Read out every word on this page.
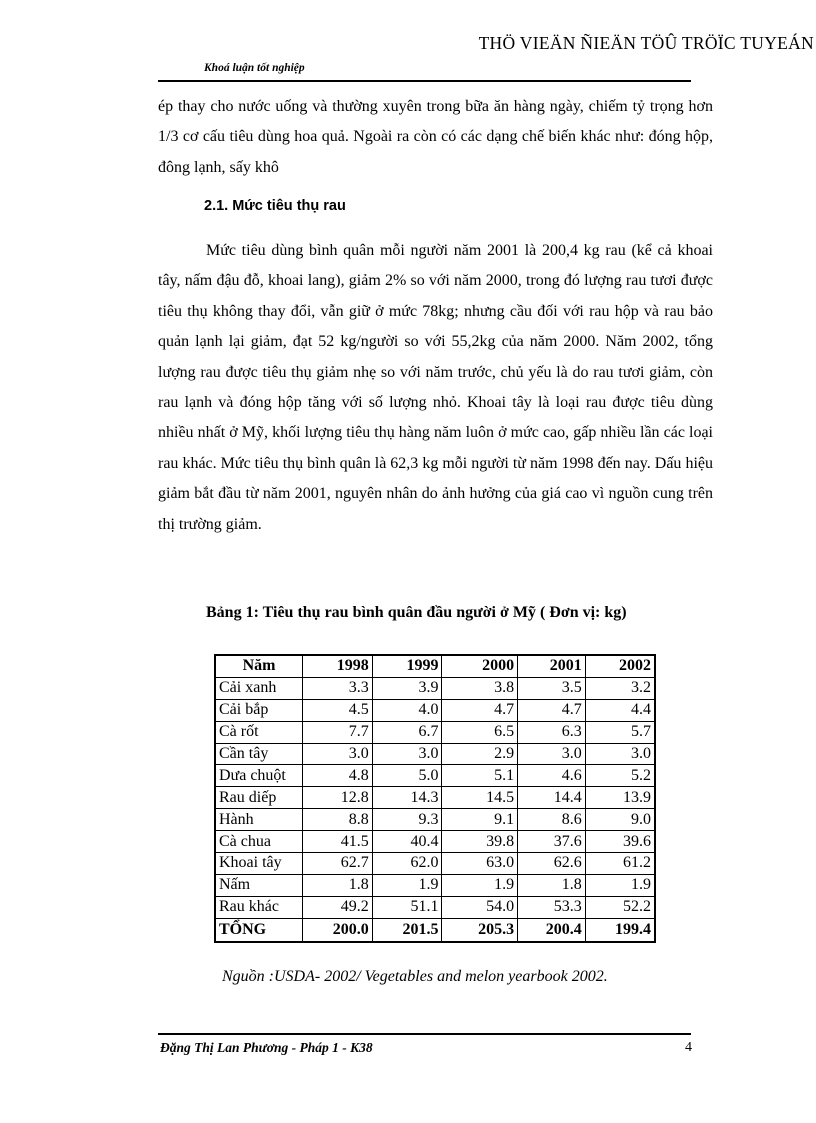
THÖ VIEÄN ÑIEÄN TÖÛ TRÖÏC TUYEÁN
Khoá luận tốt nghiệp
ép thay cho nước uống và thường xuyên trong bữa ăn hàng ngày, chiếm tỷ trọng hơn 1/3 cơ cấu tiêu dùng hoa quả. Ngoài ra còn có các dạng chế biến khác như: đóng hộp, đông lạnh, sấy khô
2.1. Mức tiêu thụ rau
Mức tiêu dùng bình quân mỗi người năm 2001 là 200,4 kg rau (kể cả khoai tây, nấm đậu đỗ, khoai lang), giảm 2% so với năm 2000, trong đó lượng rau tươi được tiêu thụ không thay đổi, vẫn giữ ở mức 78kg; nhưng cầu đối với rau hộp và rau bảo quản lạnh lại giảm, đạt 52 kg/người so với 55,2kg của năm 2000. Năm 2002, tổng lượng rau được tiêu thụ giảm nhẹ so với năm trước, chủ yếu là do rau tươi giảm, còn rau lạnh và đóng hộp tăng với số lượng nhỏ. Khoai tây là loại rau được tiêu dùng nhiều nhất ở Mỹ, khối lượng tiêu thụ hàng năm luôn ở mức cao, gấp nhiều lần các loại rau khác. Mức tiêu thụ bình quân là 62,3 kg mỗi người từ năm 1998 đến nay. Dấu hiệu giảm bắt đầu từ năm 2001, nguyên nhân do ảnh hưởng của giá cao vì nguồn cung trên thị trường giảm.
Bảng 1: Tiêu thụ rau bình quân đầu người ở Mỹ ( Đơn vị: kg)
Năm	1998	1999	2000	2001	2002
Cải xanh	3.3	3.9	3.8	3.5	3.2
Cải bắp	4.5	4.0	4.7	4.7	4.4
Cà rốt	7.7	6.7	6.5	6.3	5.7
Cần tây	3.0	3.0	2.9	3.0	3.0
Dưa chuột	4.8	5.0	5.1	4.6	5.2
Rau diếp	12.8	14.3	14.5	14.4	13.9
Hành	8.8	9.3	9.1	8.6	9.0
Cà chua	41.5	40.4	39.8	37.6	39.6
Khoai tây	62.7	62.0	63.0	62.6	61.2
Nấm	1.8	1.9	1.9	1.8	1.9
Rau khác	49.2	51.1	54.0	53.3	52.2
TỔNG	200.0	201.5	205.3	200.4	199.4
Nguồn :USDA- 2002/ Vegetables and melon yearbook 2002.
Đặng Thị Lan Phương - Pháp 1 - K38	4
